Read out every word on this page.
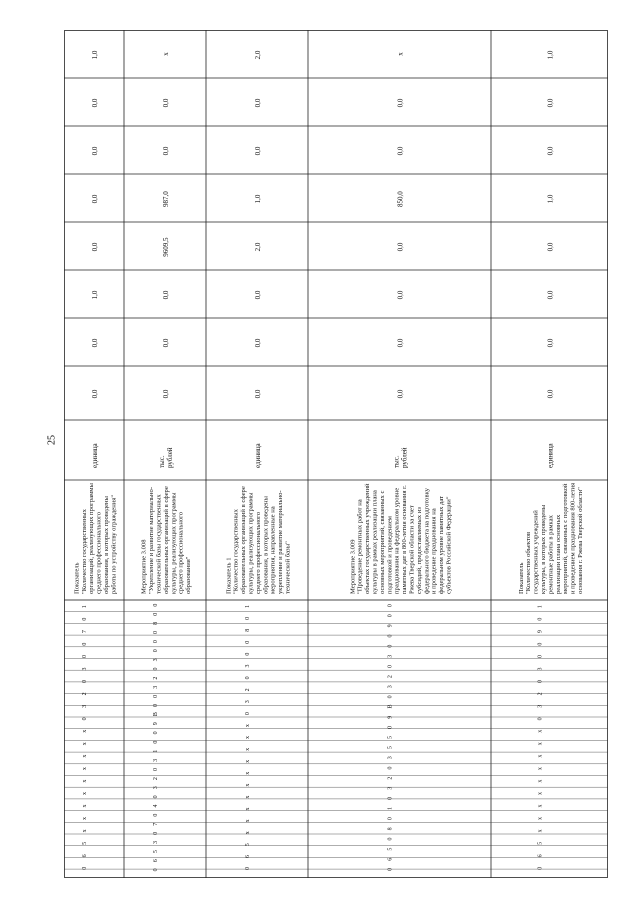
25
Показатель"Количество государственныхорганизаций, реализующих программысреднего профессиональногообразования, в которых проведеныработы по устройству ограждения"
единица
0,0
0,0
1,0
0,0
0,0
0,0
0,0
1,0
0
6
5
х
х
х
х
х
х
х
х
х
0
3
2
0
3
0
0
7
0
1
Мероприятие 3.008"Укрепление и развитие материально-технической базы государственныхобразовательных организаций в сферекультуры, реализующих программысреднего профессиональногообразования"
тыс.рублей
0,0
0,0
0,0
9609,5
987,0
0,0
0,0
х
0
6
5
3
0
7
0
4
0
3
2
0
3
1
0
0
9
В
0
0
3
2
0
3
0
0
0
8
0
0
Показатель 1"Количество государственныхобразовательных организаций в сферекультуры, реализующих программысреднего профессиональногообразования, в которых проведенымероприятия, направленные наукрепление и развитие материально-технической базы"
единица
0,0
0,0
0,0
2,0
1,0
0,0
0,0
2,0
0
6
5
х
х
х
х
х
х
х
х
х
х
0
3
2
0
3
0
0
8
0
1
Мероприятие 3.009"Проведение ремонтных работ наобъектах государственных учрежденийкультуры в рамках реализации планаосновных мероприятий, связанных сподготовкой и проведениемпразднования на федеральном уровнепамятных дат в 800-летия основания г.Ржева Тверской области за счетсубсидий, предоставляемых изфедерального бюджета на подготовкуи проведение празднования нафедеральном уровне памятных датсубъектов Российской Федерации"
тыс.рублей
0,0
0,0
0,0
0,0
850,0
0,0
0,0
х
0
6
5
0
8
0
1
0
3
2
0
3
5
5
0
9
В
0
3
2
0
3
0
0
9
0
0
Показатель"Количество объектовгосударственных учрежденийкультуры, в которых проведеныремонтные работы в рамкахреализации плана основныхмероприятий, связанных с подготовкойи проведением празднования 800-летияоснования г. Ржева Тверской области"
единица
0,0
0,0
0,0
0,0
1,0
0,0
0,0
1,0
0
6
5
х
х
х
х
х
х
х
х
х
0
3
2
0
3
0
0
9
0
1
